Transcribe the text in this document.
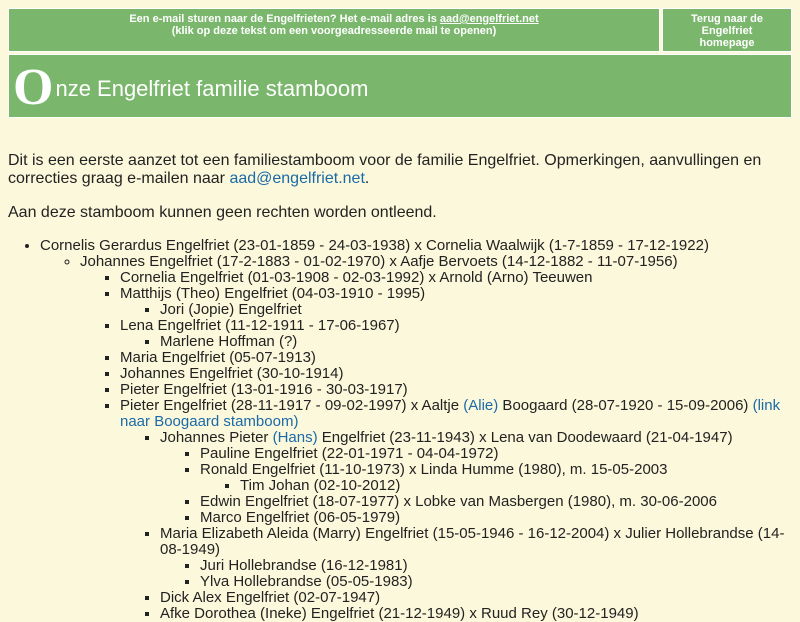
Een e-mail sturen naar de Engelfrieten? Het e-mail adres is aad@engelfriet.net
(klik op deze tekst om een voorgeadresseerde mail te openen)
Terug naar de Engelfriet
homepage
O nze Engelfriet familie stamboom
Dit is een eerste aanzet tot een familiestamboom voor de familie Engelfriet. Opmerkingen, aanvullingen en correcties graag e-mailen naar aad@engelfriet.net.
Aan deze stamboom kunnen geen rechten worden ontleend.
• Cornelis Gerardus Engelfriet (23-01-1859 - 24-03-1938) x Cornelia Waalwijk (1-7-1859 - 17-12-1922)
◦ Johannes Engelfriet (17-2-1883 - 01-02-1970) x Aafje Bervoets (14-12-1882 - 11-07-1956)
▪ Cornelia Engelfriet (01-03-1908 - 02-03-1992) x Arnold (Arno) Teeuwen
▪ Matthijs (Theo) Engelfriet (04-03-1910 - 1995)
▪ Jori (Jopie) Engelfriet
▪ Lena Engelfriet (11-12-1911 - 17-06-1967)
▪ Marlene Hoffman (?)
▪ Maria Engelfriet (05-07-1913)
▪ Johannes Engelfriet (30-10-1914)
▪ Pieter Engelfriet (13-01-1916 - 30-03-1917)
▪ Pieter Engelfriet (28-11-1917 - 09-02-1997) x Aaltje (Alie) Boogaard (28-07-1920 - 15-09-2006) (link naar Boogaard stamboom)
▪ Johannes Pieter (Hans) Engelfriet (23-11-1943) x Lena van Doodewaard (21-04-1947)
▪ Pauline Engelfriet (22-01-1971 - 04-04-1972)
▪ Ronald Engelfriet (11-10-1973) x Linda Humme (1980), m. 15-05-2003
▪ Tim Johan (02-10-2012)
▪ Edwin Engelfriet (18-07-1977) x Lobke van Masbergen (1980), m. 30-06-2006
▪ Marco Engelfriet (06-05-1979)
▪ Maria Elizabeth Aleida (Marry) Engelfriet (15-05-1946 - 16-12-2004) x Julier Hollebrandse (14-08-1949)
▪ Juri Hollebrandse (16-12-1981)
▪ Ylva Hollebrandse (05-05-1983)
▪ Dick Alex Engelfriet (02-07-1947)
▪ Afke Dorothea (Ineke) Engelfriet (21-12-1949) x Ruud Rey (30-12-1949)
